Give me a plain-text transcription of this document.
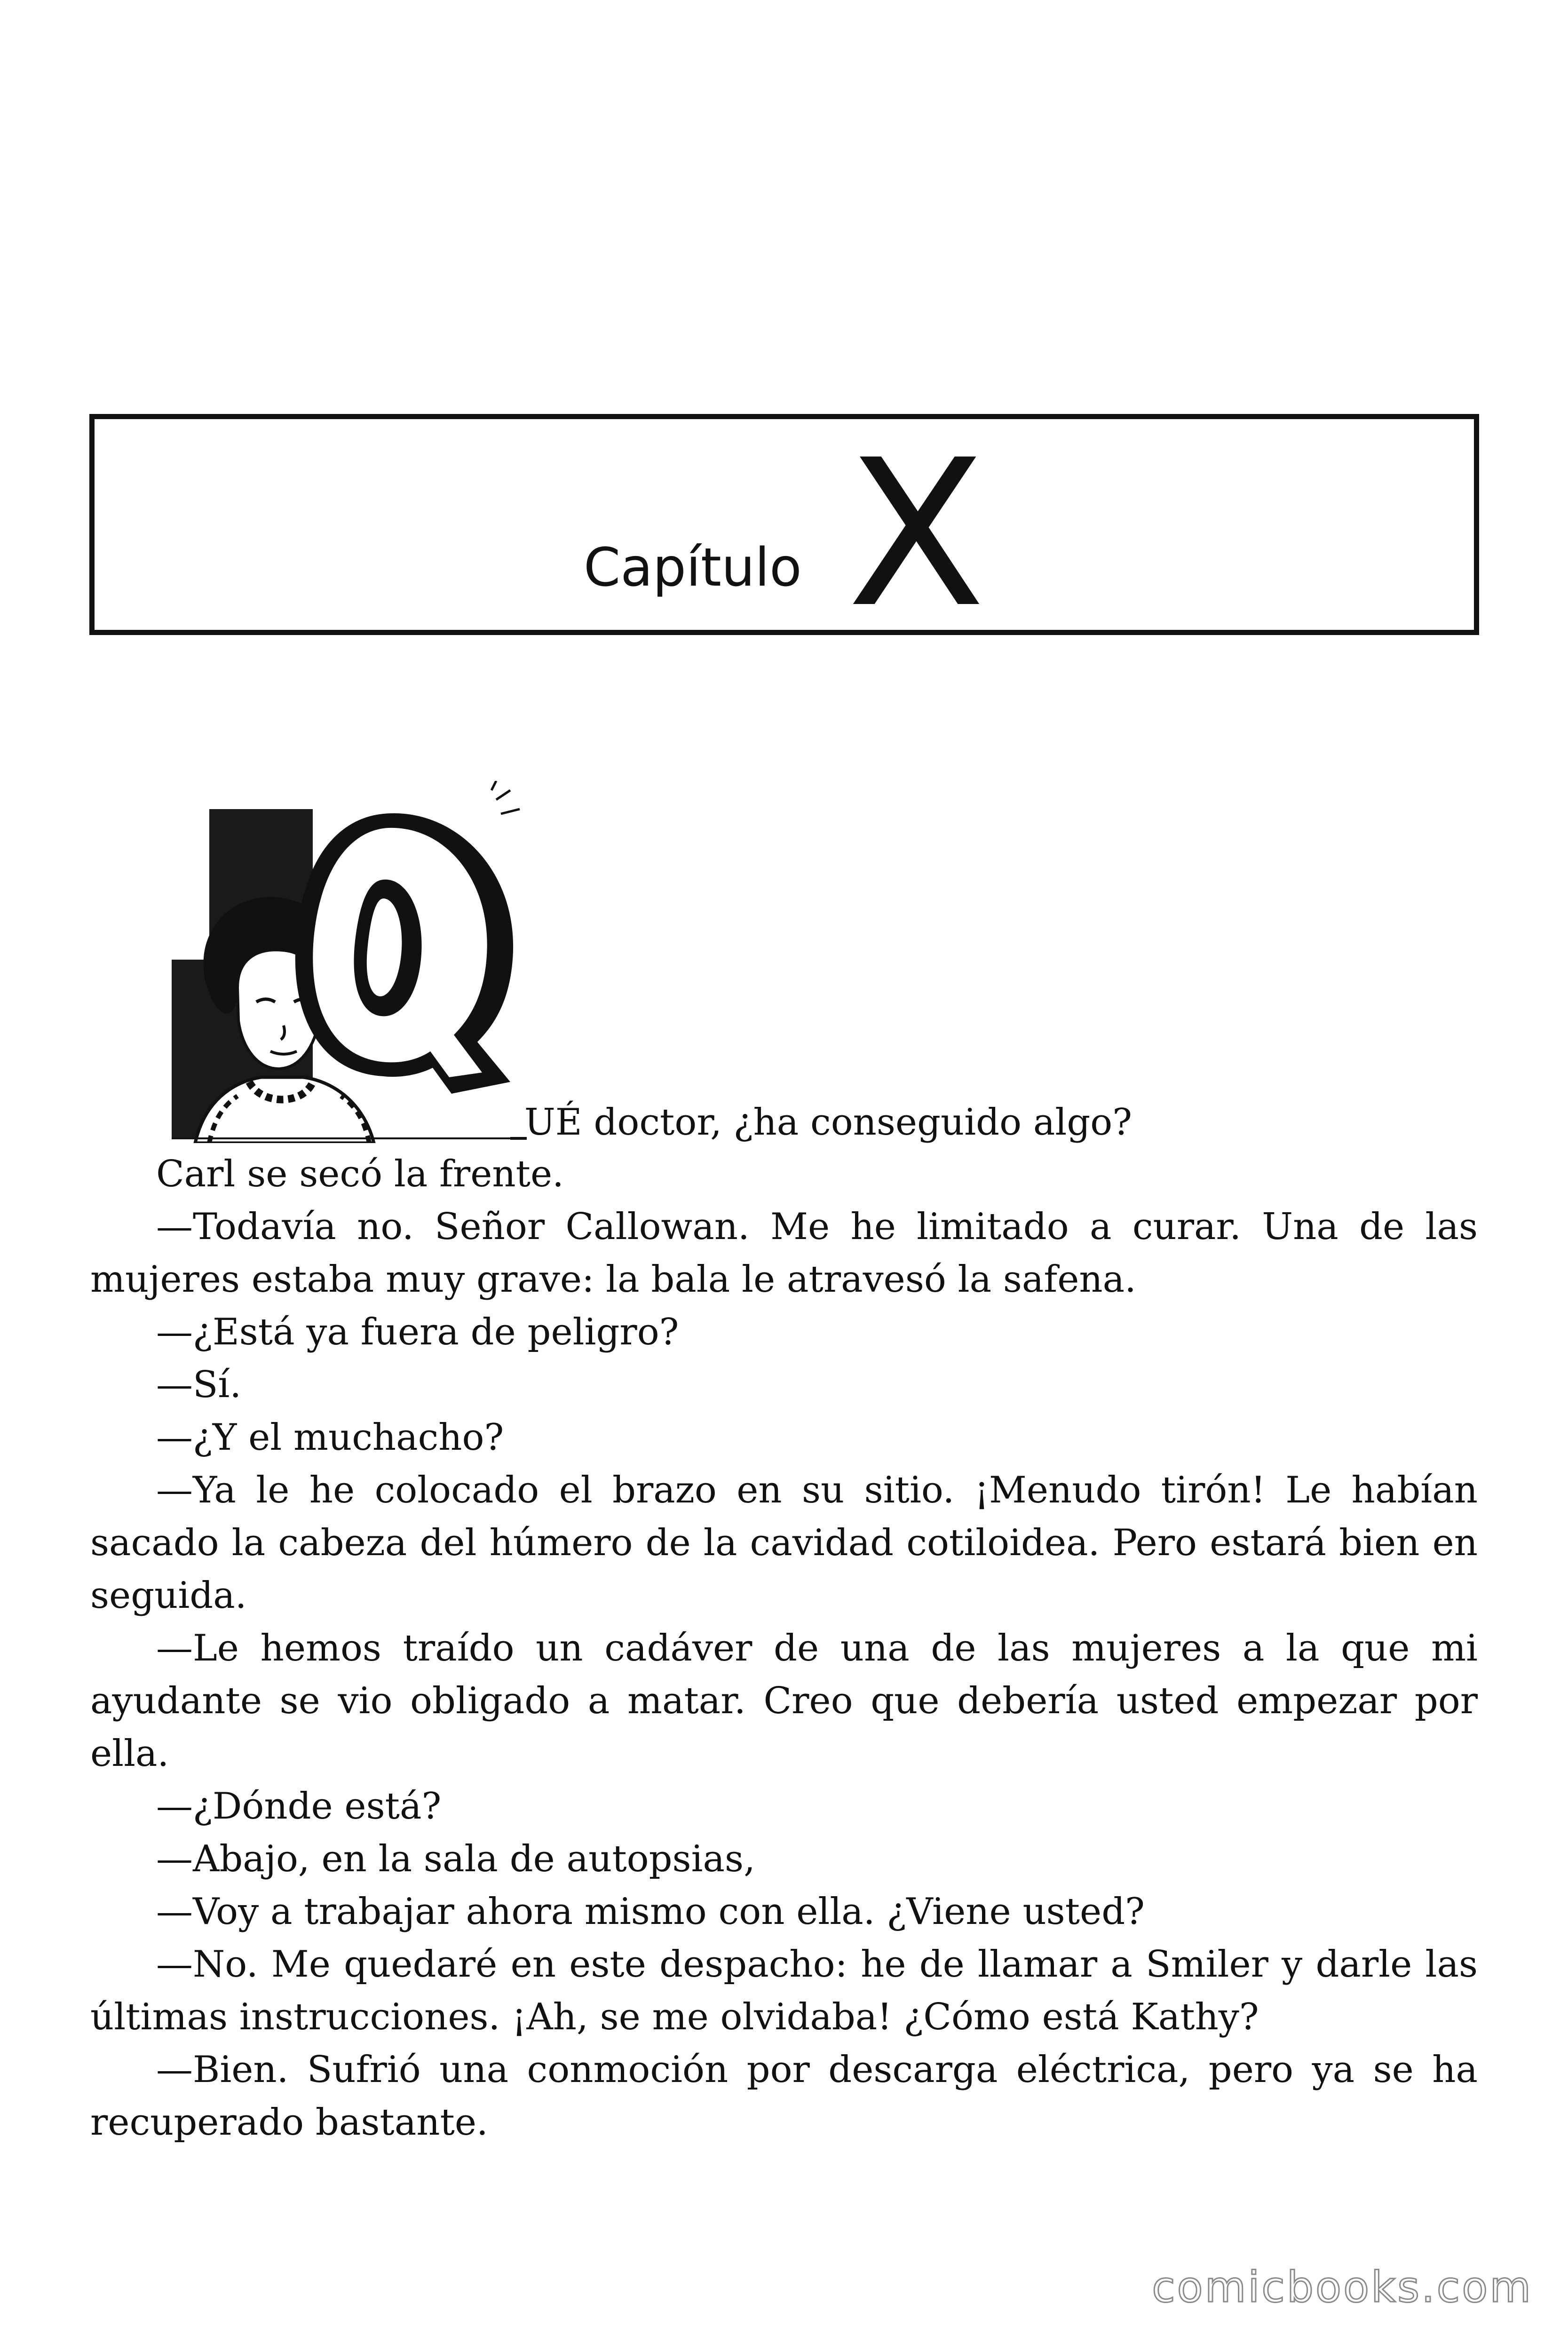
Capítulo X
UÉ doctor, ¿ha conseguido algo?

Carl se secó la frente.

—Todavía no. Señor Callowan. Me he limitado a curar. Una de las mujeres estaba muy grave: la bala le atravesó la safena.

—¿Está ya fuera de peligro?

—Sí.

—¿Y el muchacho?

—Ya le he colocado el brazo en su sitio. ¡Menudo tirón! Le habían sacado la cabeza del húmero de la cavidad cotiloidea. Pero estará bien en seguida.

—Le hemos traído un cadáver de una de las mujeres a la que mi ayudante se vio obligado a matar. Creo que debería usted empezar por ella.

—¿Dónde está?

—Abajo, en la sala de autopsias,

—Voy a trabajar ahora mismo con ella. ¿Viene usted?

—No. Me quedaré en este despacho: he de llamar a Smiler y darle las últimas instrucciones. ¡Ah, se me olvidaba! ¿Cómo está Kathy?

—Bien. Sufrió una conmoción por descarga eléctrica, pero ya se ha recuperado bastante.

comicbooks.com
